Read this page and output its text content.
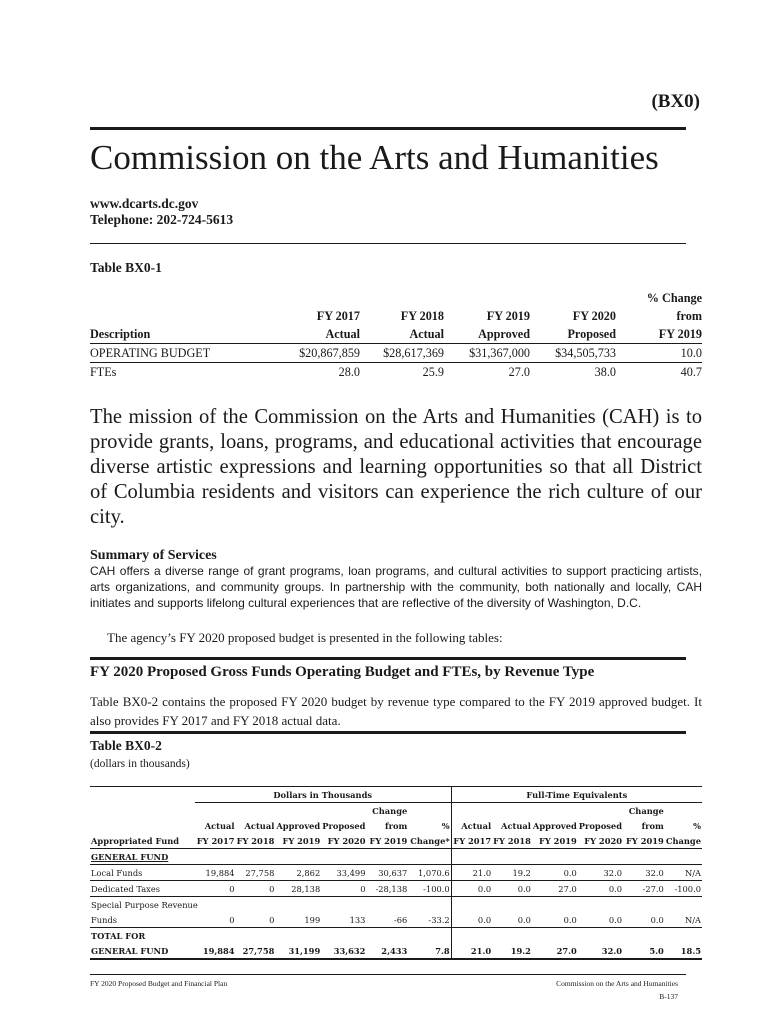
(BX0)
Commission on the Arts and Humanities
www.dcarts.dc.gov
Telephone: 202-724-5613
Table BX0-1
					% Change
	FY 2017	FY 2018	FY 2019	FY 2020	from
Description	Actual	Actual	Approved	Proposed	FY 2019
OPERATING BUDGET	$20,867,859	$28,617,369	$31,367,000	$34,505,733	10.0
FTEs	28.0	25.9	27.0	38.0	40.7
The mission of the Commission on the Arts and Humanities (CAH) is to provide grants, loans, programs, and educational activities that encourage diverse artistic expressions and learning opportunities so that all District of Columbia residents and visitors can experience the rich culture of our city.
Summary of Services
CAH offers a diverse range of grant programs, loan programs, and cultural activities to support practicing artists, arts organizations, and community groups. In partnership with the community, both nationally and locally, CAH initiates and supports lifelong cultural experiences that are reflective of the diversity of Washington, D.C.
The agency’s FY 2020 proposed budget is presented in the following tables:
FY 2020 Proposed Gross Funds Operating Budget and FTEs, by Revenue Type
Table BX0-2 contains the proposed FY 2020 budget by revenue type compared to the FY 2019 approved budget. It also provides FY 2017 and FY 2018 actual data.
Table BX0-2
(dollars in thousands)
	Dollars in Thousands						Full-Time Equivalents					
					Change						Change	
	Actual	Actual	Approved	Proposed	from	%	Actual	Actual	Approved	Proposed	from	%
Appropriated Fund	FY 2017	FY 2018	FY 2019	FY 2020	FY 2019	Change*	FY 2017	FY 2018	FY 2019	FY 2020	FY 2019	Change
GENERAL FUND												
Local Funds	19,884	27,758	2,862	33,499	30,637	1,070.6	21.0	19.2	0.0	32.0	32.0	N/A
Dedicated Taxes	0	0	28,138	0	-28,138	-100.0	0.0	0.0	27.0	0.0	-27.0	-100.0
Special Purpose Revenue												
Funds	0	0	199	133	-66	-33.2	0.0	0.0	0.0	0.0	0.0	N/A
TOTAL FOR												
GENERAL FUND	19,884	27,758	31,199	33,632	2,433	7.8	21.0	19.2	27.0	32.0	5.0	18.5
FY 2020 Proposed Budget and Financial Plan	Commission on the Arts and Humanities
B-137
